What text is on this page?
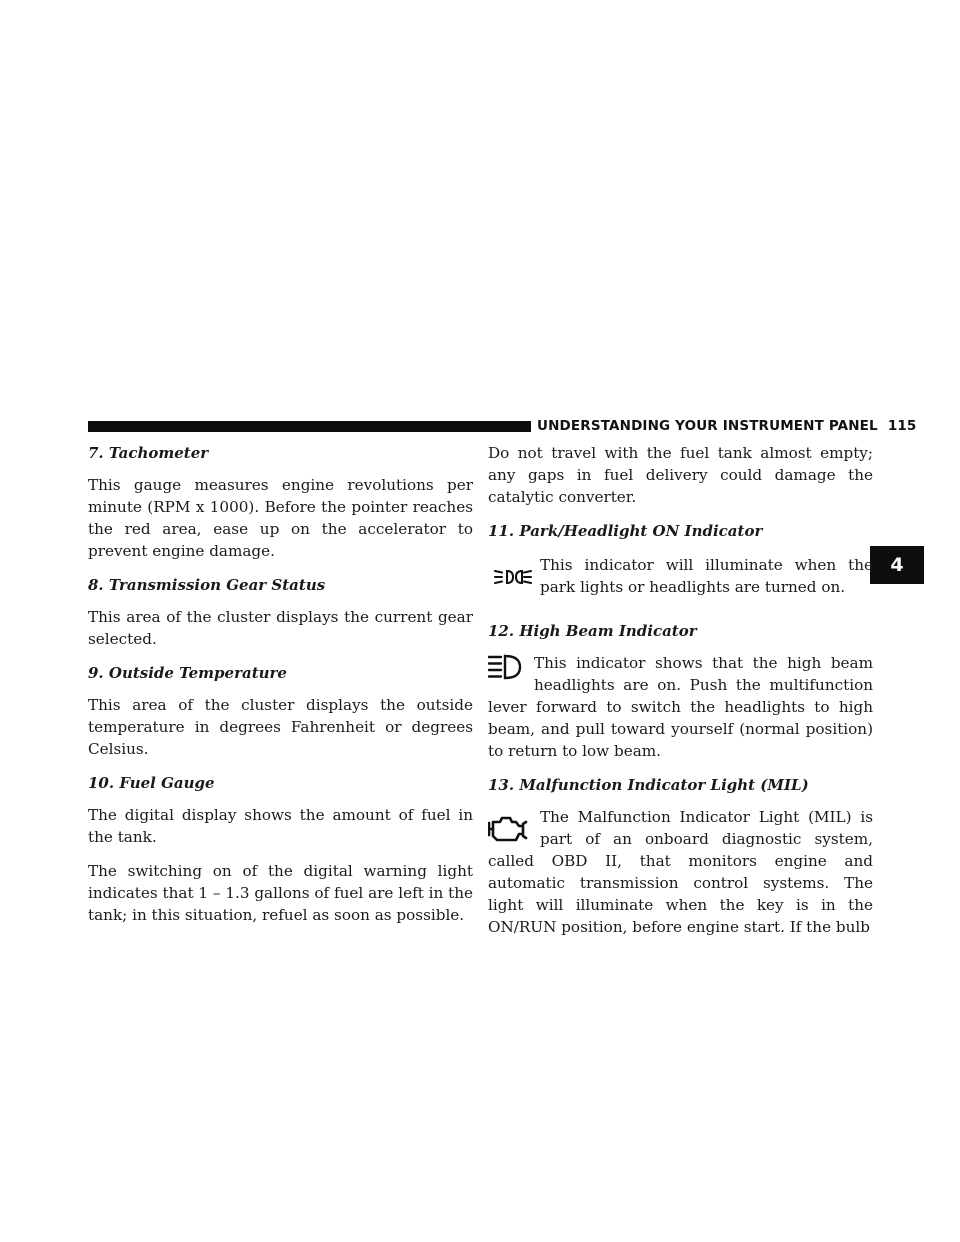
UNDERSTANDING YOUR INSTRUMENT PANEL 115
4
7. Tachometer

This gauge measures engine revolutions per minute (RPM x 1000). Before the pointer reaches the red area, ease up on the accelerator to prevent engine damage.

8. Transmission Gear Status

This area of the cluster displays the current gear selected.

9. Outside Temperature

This area of the cluster displays the outside temperature in degrees Fahrenheit or degrees Celsius.

10. Fuel Gauge

The digital display shows the amount of fuel in the tank.

The switching on of the digital warning light indicates that 1 – 1.3 gallons of fuel are left in the tank; in this situation, refuel as soon as possible.

Do not travel with the fuel tank almost empty; any gaps in fuel delivery could damage the catalytic converter.

11. Park/Headlight ON Indicator

This indicator will illuminate when the park lights or headlights are turned on.

12. High Beam Indicator

This indicator shows that the high beam headlights are on. Push the multifunction lever forward to switch the headlights to high beam, and pull toward yourself (normal position) to return to low beam.

13. Malfunction Indicator Light (MIL)

The Malfunction Indicator Light (MIL) is part of an onboard diagnostic system, called OBD II, that monitors engine and automatic transmission control systems. The light will illuminate when the key is in the ON/RUN position, before engine start. If the bulb
